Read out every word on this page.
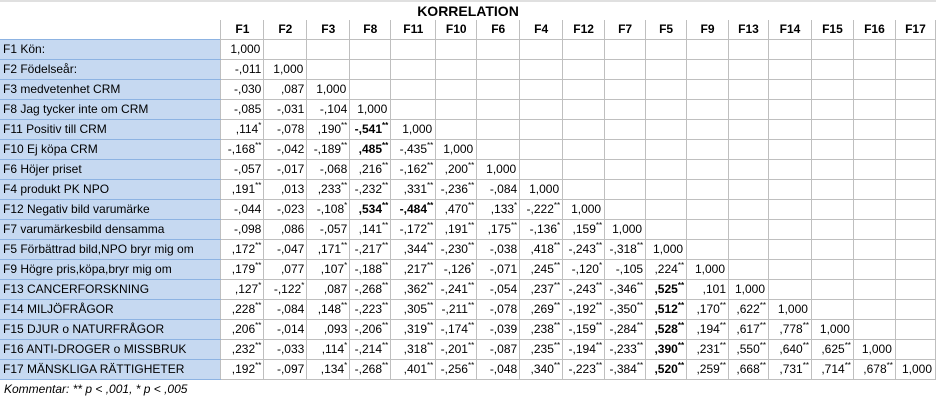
KORRELATION
	F1	F2	F3	F8	F11	F10	F6	F4	F12	F7	F5	F9	F13	F14	F15	F16	F17
F1 Kön:	1,000																
F2 Födelseår:	-,011	1,000															
F3 medvetenhet CRM	-,030	,087	1,000														
F8 Jag tycker inte om CRM	-,085	-,031	-,104	1,000													
F11 Positiv till CRM	,114*	-,078	,190**	-,541**	1,000												
F10 Ej köpa CRM	-,168**	-,042	-,189**	,485**	-,435**	1,000											
F6 Höjer priset	-,057	-,017	-,068	,216**	-,162**	,200**	1,000										
F4 produkt PK NPO	,191**	,013	,233**	-,232**	,331**	-,236**	-,084	1,000									
F12 Negativ bild varumärke	-,044	-,023	-,108*	,534**	-,484**	,470**	,133*	-,222**	1,000								
F7 varumärkesbild densamma	-,098	,086	-,057	,141**	-,172**	,191**	,175**	-,136*	,159**	1,000							
F5 Förbättrad bild,NPO bryr mig om	,172**	-,047	,171**	-,217**	,344**	-,230**	-,038	,418**	-,243**	-,318**	1,000						
F9 Högre pris,köpa,bryr mig om	,179**	,077	,107*	-,188**	,217**	-,126*	-,071	,245**	-,120*	-,105	,224**	1,000					
F13 CANCERFORSKNING	,127*	-,122*	,087	-,268**	,362**	-,241**	-,054	,237**	-,243**	-,346**	,525**	,101	1,000				
F14 MILJÖFRÅGOR	,228**	-,084	,148**	-,223**	,305**	-,211**	-,078	,269**	-,192**	-,350**	,512**	,170**	,622**	1,000			
F15 DJUR o NATURFRÅGOR	,206**	-,014	,093	-,206**	,319**	-,174**	-,039	,238**	-,159**	-,284**	,528**	,194**	,617**	,778**	1,000		
F16 ANTI-DROGER o MISSBRUK	,232**	-,033	,114*	-,214**	,318**	-,201**	-,087	,235**	-,194**	-,233**	,390**	,231**	,550**	,640**	,625**	1,000	
F17 MÄNSKLIGA RÄTTIGHETER	,192**	-,097	,134*	-,268**	,401**	-,256**	-,048	,340**	-,223**	-,384**	,520**	,259**	,668**	,731**	,714**	,678**	1,000
Kommentar: ** p < ,001, * p < ,005
